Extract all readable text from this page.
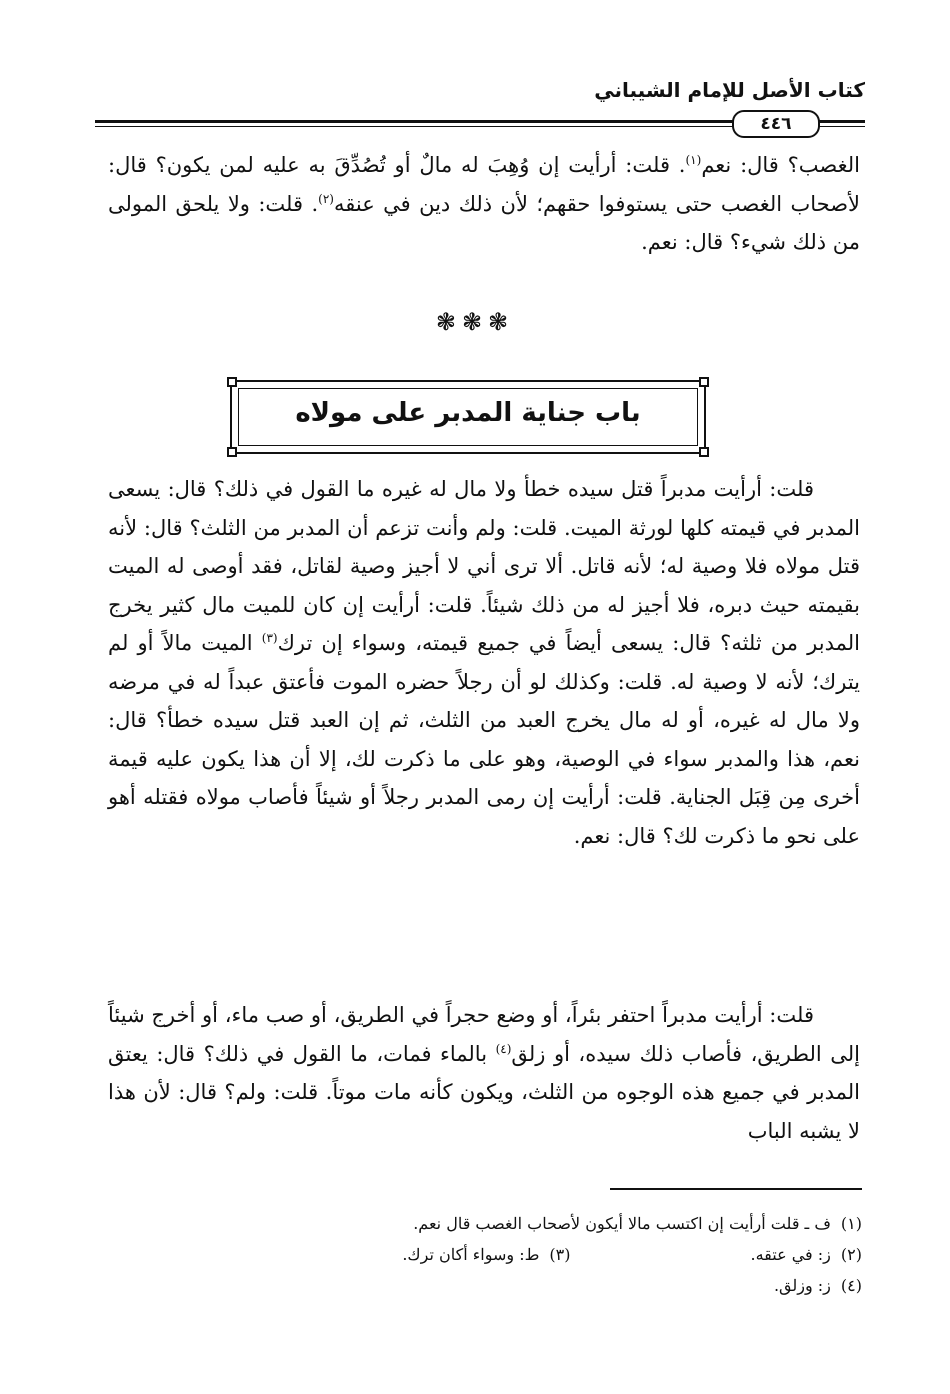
كتاب الأصل للإمام الشيباني
٤٤٦

الغصب؟ قال: نعم$^{(١)}$. قلت: أرأيت إن وُهِبَ له مالٌ أو تُصُدِّقَ به عليه لمن يكون؟ قال: لأصحاب الغصب حتى يستوفوا حقهم؛ لأن ذلك دين في عنقه$^{(٢)}$. قلت: ولا يلحق المولى من ذلك شيء؟ قال: نعم.

❃❃❃
باب جناية المدبر على مولاه

قلت: أرأيت مدبراً قتل سيده خطأ ولا مال له غيره ما القول في ذلك؟ قال: يسعى المدبر في قيمته كلها لورثة الميت. قلت: ولم وأنت تزعم أن المدبر من الثلث؟ قال: لأنه قتل مولاه فلا وصية له؛ لأنه قاتل. ألا ترى أني لا أجيز وصية لقاتل، فقد أوصى له الميت بقيمته حيث دبره، فلا أجيز له من ذلك شيئاً. قلت: أرأيت إن كان للميت مال كثير يخرج المدبر من ثلثه؟ قال: يسعى أيضاً في جميع قيمته، وسواء إن ترك$^{(٣)}$ الميت مالاً أو لم يترك؛ لأنه لا وصية له. قلت: وكذلك لو أن رجلاً حضره الموت فأعتق عبداً له في مرضه ولا مال له غيره، أو له مال يخرج العبد من الثلث، ثم إن العبد قتل سيده خطأ؟ قال: نعم، هذا والمدبر سواء في الوصية، وهو على ما ذكرت لك، إلا أن هذا يكون عليه قيمة أخرى مِن قِبَل الجناية. قلت: أرأيت إن رمى المدبر رجلاً أو شيئاً فأصاب مولاه فقتله أهو على نحو ما ذكرت لك؟ قال: نعم.

قلت: أرأيت مدبراً احتفر بئراً، أو وضع حجراً في الطريق، أو صب ماء، أو أخرج شيئاً إلى الطريق، فأصاب ذلك سيده، أو زلق$^{(٤)}$ بالماء فمات، ما القول في ذلك؟ قال: يعتق المدبر في جميع هذه الوجوه من الثلث، ويكون كأنه مات موتاً. قلت: ولم؟ قال: لأن هذا لا يشبه الباب

(١)ف ـ قلت أرأيت إن اكتسب مالا أيكون لأصحاب الغصب قال نعم.
(٢)ز: في عتقه.
(٣)ط: وسواء أكان ترك.
(٤)ز: وزلق.
